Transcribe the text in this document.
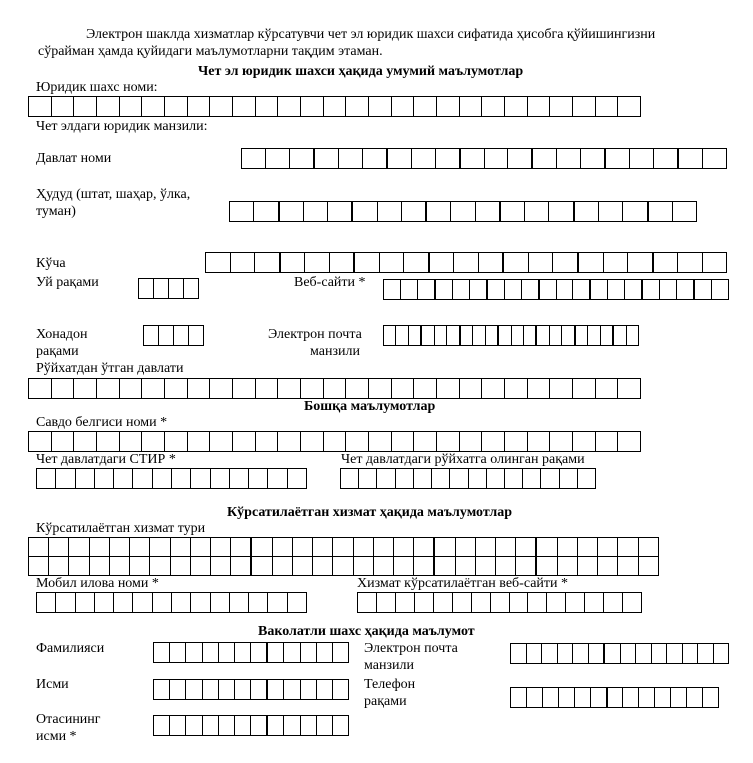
Электрон шаклда хизматлар кўрсатувчи чет эл юридик шахси сифатида ҳисобга қўйишингизни
сўрайман ҳамда қуйидаги маълумотларни тақдим этаман.
Чет эл юридик шахси ҳақида умумий маълумотлар
Юридик шахс номи:
Чет элдаги юридик манзили:
Давлат номи
Ҳудуд (штат, шаҳар, ўлка,
туман)
Кўча
Уй рақами	Веб-сайти *
Хонадон
рақами
Электрон почта
манзили
Рўйхатдан ўтган давлати
Бошқа маълумотлар
Савдо белгиси номи *
Чет давлатдаги СТИР *	Чет давлатдаги рўйхатга олинган рақами
Кўрсатилаётган хизмат ҳақида маълумотлар
Кўрсатилаётган хизмат тури
Мобил илова номи *	Хизмат кўрсатилаётган веб-сайти *
Ваколатли шахс ҳақида маълумот
Фамилияси	Электрон почта
манзили
Исми	Телефон
рақами
Отасининг
исми *
